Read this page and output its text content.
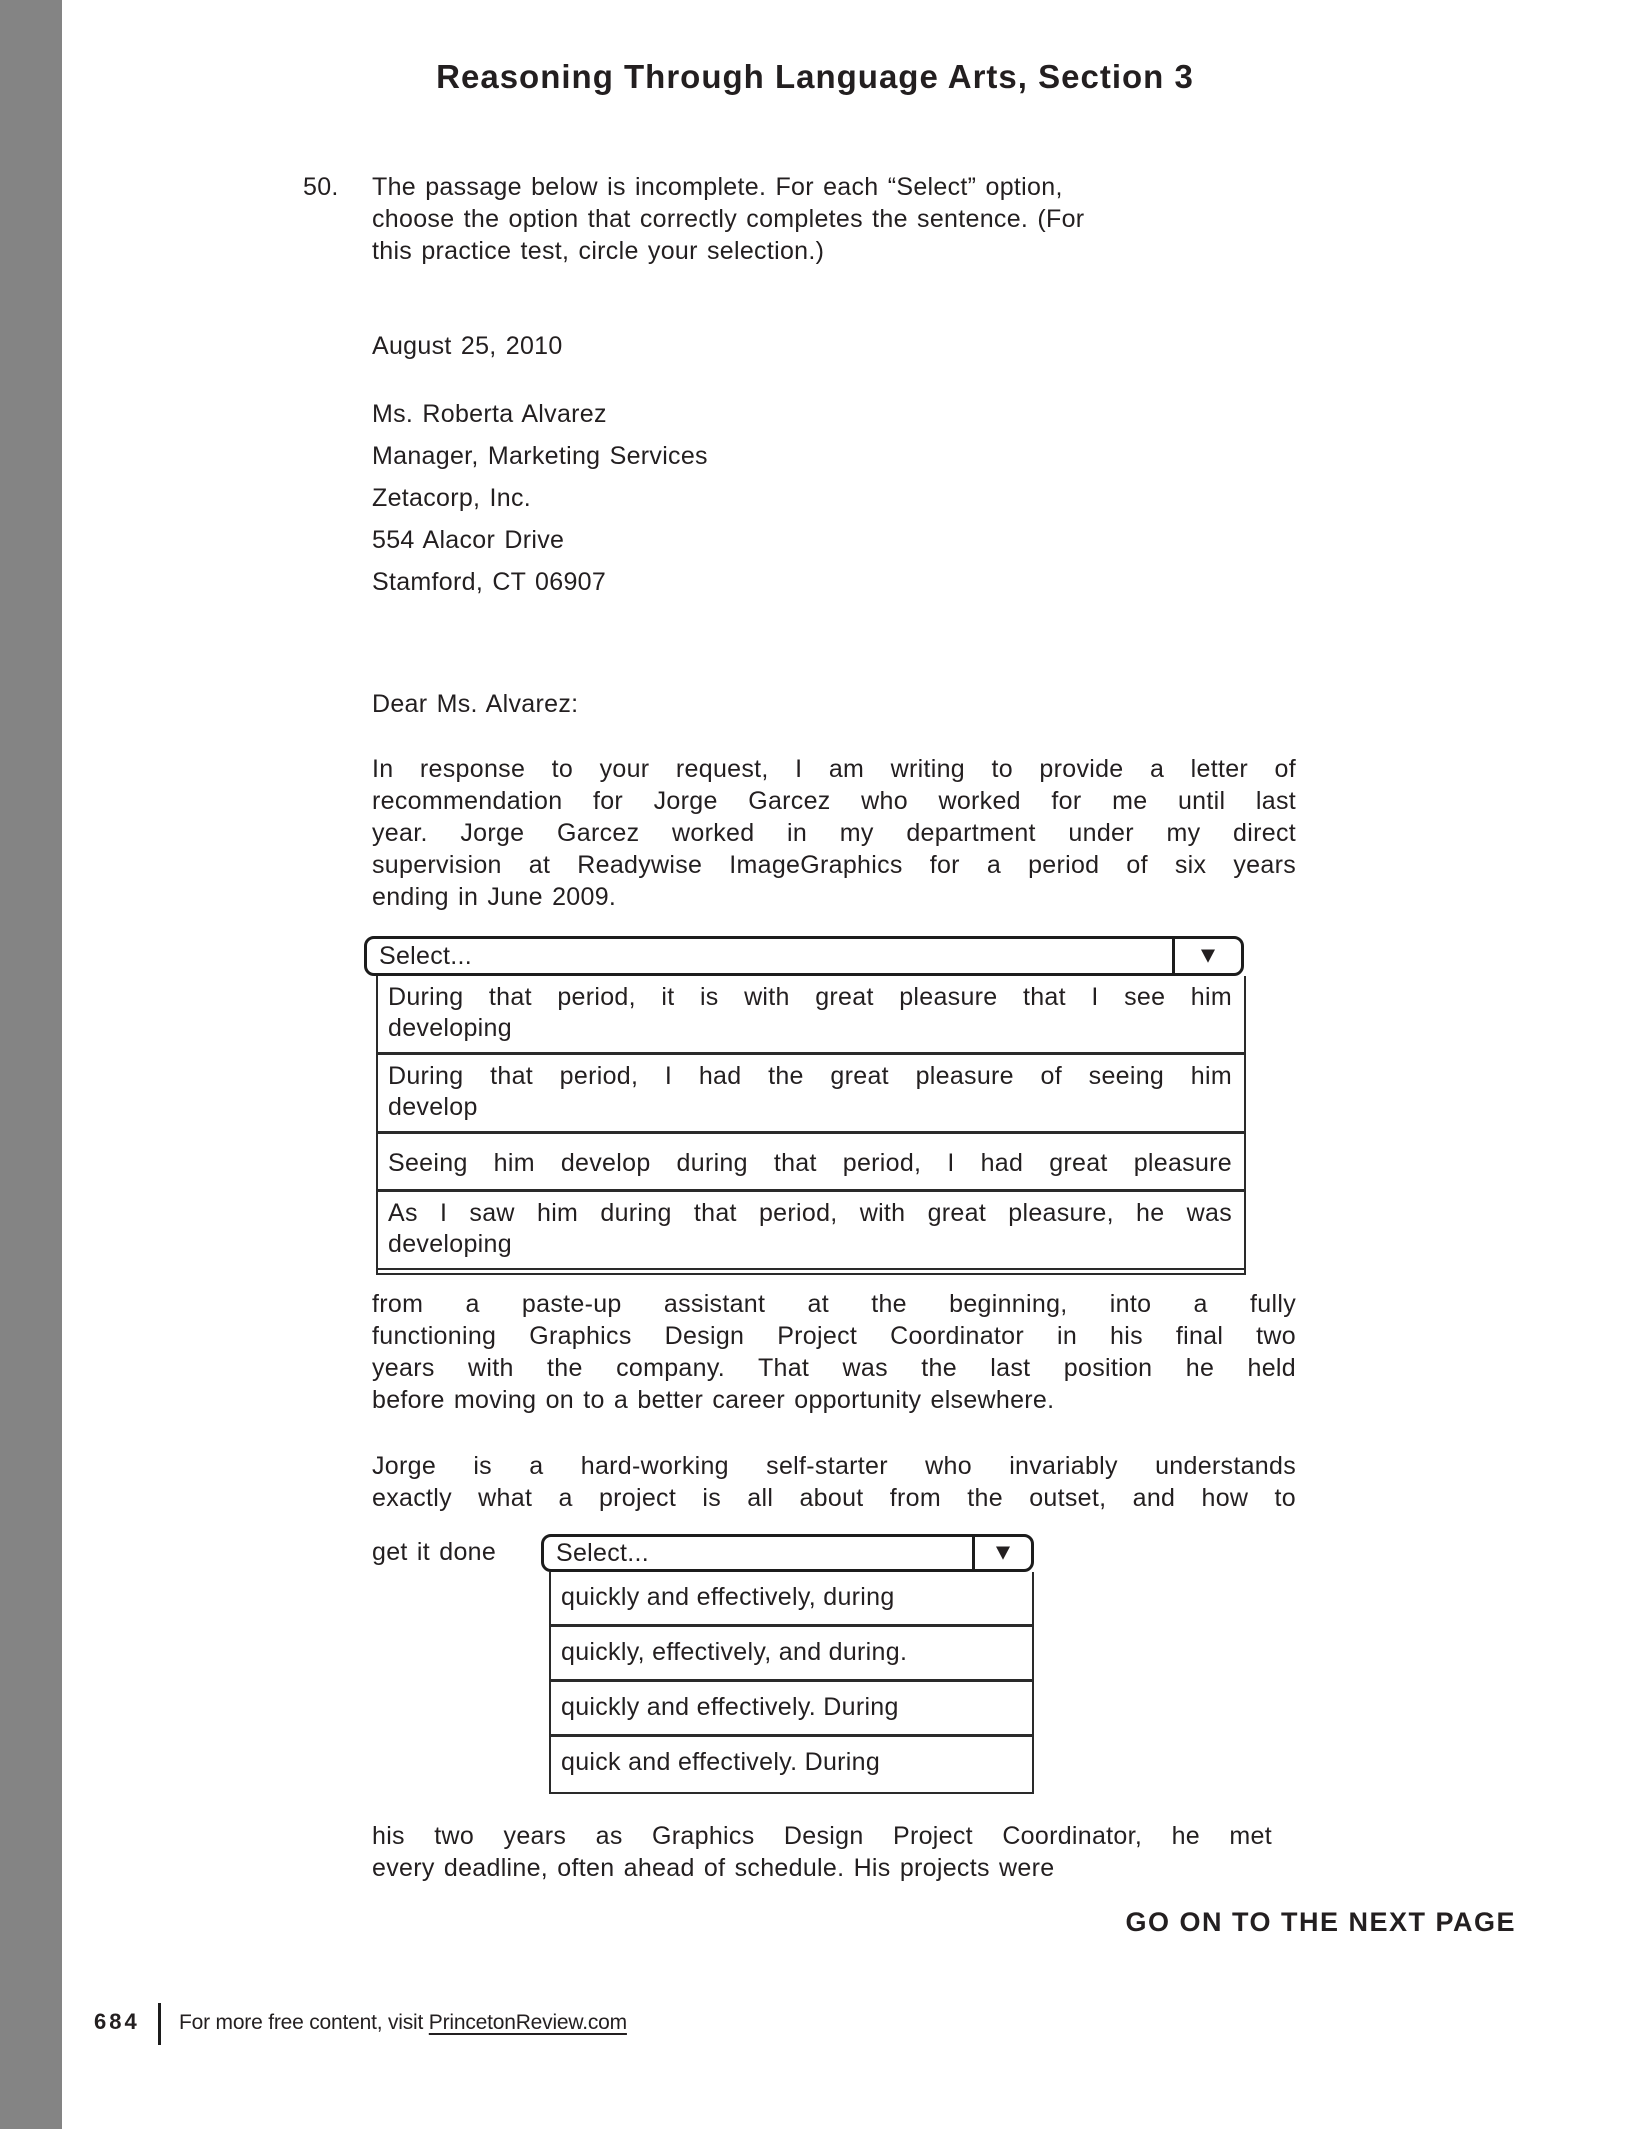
Reasoning Through Language Arts, Section 3
50. The passage below is incomplete. For each “Select” option,
choose the option that correctly completes the sentence. (For
this practice test, circle your selection.)
August 25, 2010
Ms. Roberta Alvarez
Manager, Marketing Services
Zetacorp, Inc.
554 Alacor Drive
Stamford, CT 06907
Dear Ms. Alvarez:
In response to your request, I am writing to provide a letter of
recommendation for Jorge Garcez who worked for me until last
year. Jorge Garcez worked in my department under my direct
supervision at Readywise ImageGraphics for a period of six years
ending in June 2009.
Select...	▼
During that period, it is with great pleasure that I see him
developing
During that period, I had the great pleasure of seeing him
develop
Seeing him develop during that period, I had great pleasure
As I saw him during that period, with great pleasure, he was
developing
from a paste-up assistant at the beginning, into a fully
functioning Graphics Design Project Coordinator in his final two
years with the company. That was the last position he held
before moving on to a better career opportunity elsewhere.
Jorge is a hard-working self-starter who invariably understands
exactly what a project is all about from the outset, and how to
get it done	Select...	▼
quickly and effectively, during
quickly, effectively, and during.
quickly and effectively. During
quick and effectively. During
his two years as Graphics Design Project Coordinator, he met
every deadline, often ahead of schedule. His projects were
GO ON TO THE NEXT PAGE
684 For more free content, visit PrincetonReview.com
